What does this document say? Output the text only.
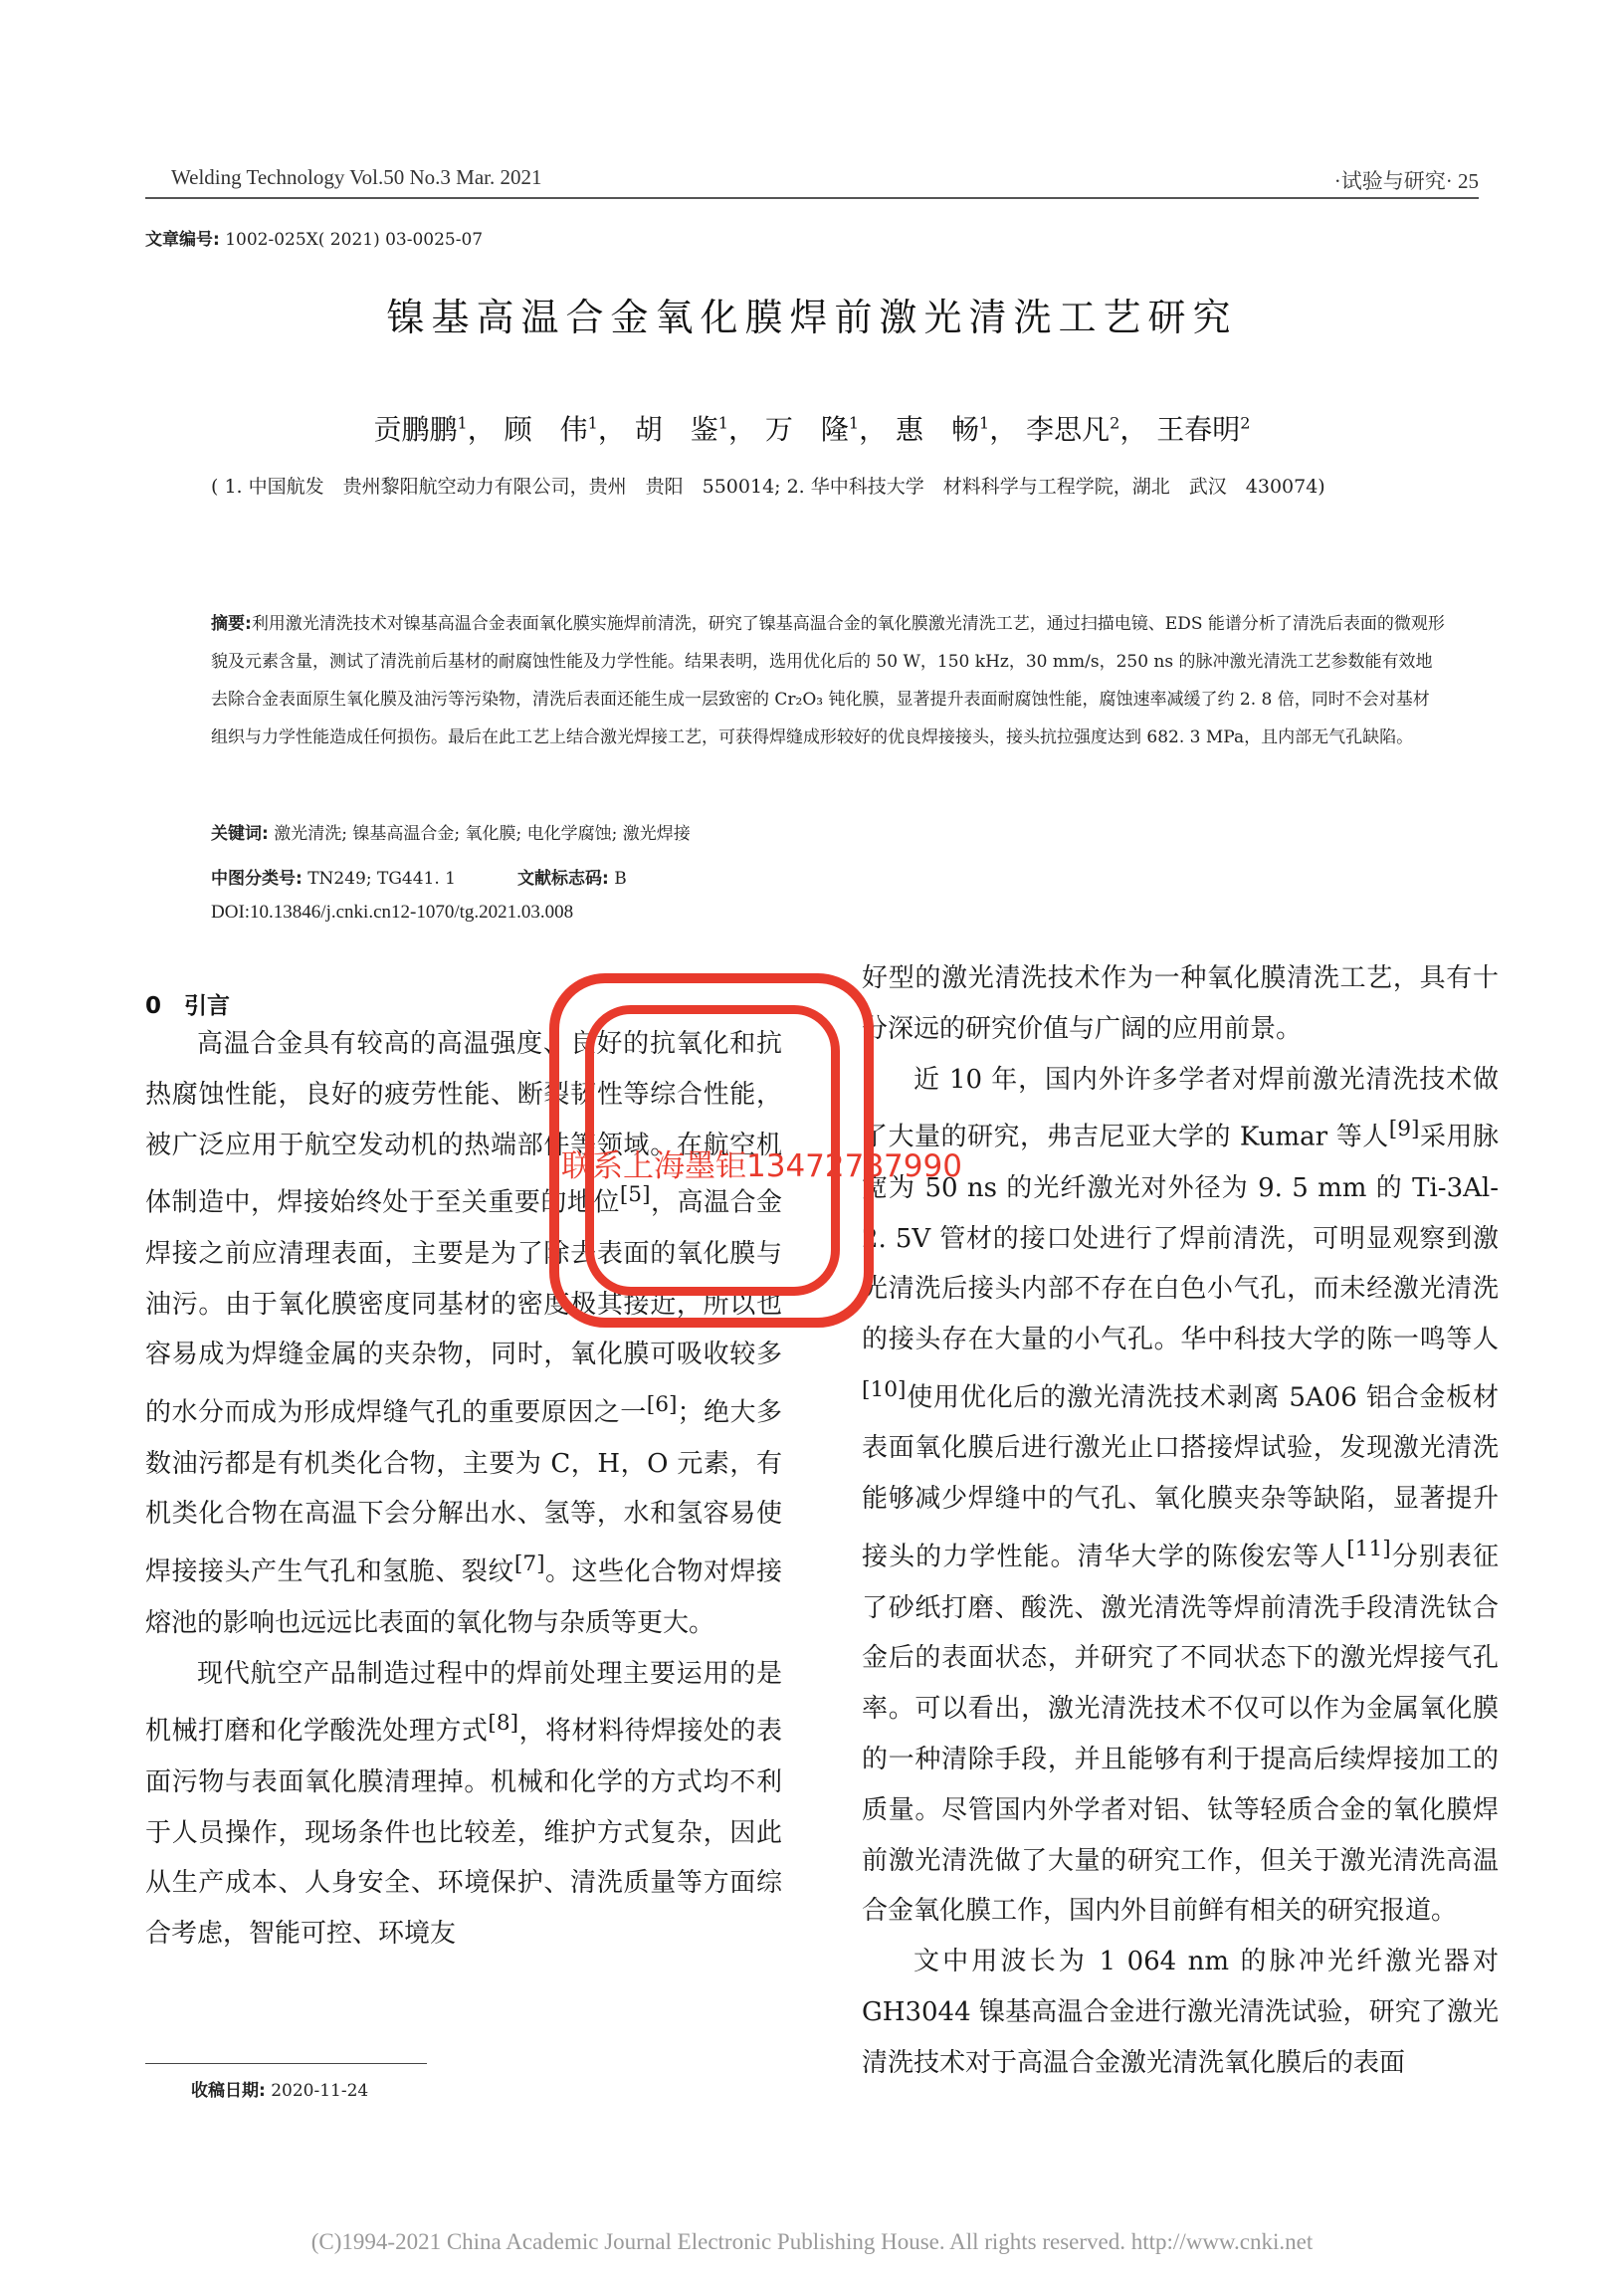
Welding Technology Vol.50 No.3 Mar. 2021	·试验与研究· 25
文章编号: 1002-025X( 2021) 03-0025-07
镍基高温合金氧化膜焊前激光清洗工艺研究
贡鹏鹏$^1$， 顾　伟$^1$， 胡　鉴$^1$， 万　隆$^1$， 惠　畅$^1$， 李思凡$^2$， 王春明$^2$
( 1. 中国航发　贵州黎阳航空动力有限公司，贵州　贵阳　550014; 2. 华中科技大学　材料科学与工程学院，湖北　武汉　430074)
摘要:利用激光清洗技术对镍基高温合金表面氧化膜实施焊前清洗，研究了镍基高温合金的氧化膜激光清洗工艺，通过扫描电镜、EDS 能谱分析了清洗后表面的微观形貌及元素含量，测试了清洗前后基材的耐腐蚀性能及力学性能。结果表明，选用优化后的 50 W，150 kHz，30 mm/s，250 ns 的脉冲激光清洗工艺参数能有效地去除合金表面原生氧化膜及油污等污染物，清洗后表面还能生成一层致密的 Cr₂O₃ 钝化膜，显著提升表面耐腐蚀性能，腐蚀速率减缓了约 2. 8 倍，同时不会对基材组织与力学性能造成任何损伤。最后在此工艺上结合激光焊接工艺，可获得焊缝成形较好的优良焊接接头，接头抗拉强度达到 682. 3 MPa，且内部无气孔缺陷。
关键词: 激光清洗; 镍基高温合金; 氧化膜; 电化学腐蚀; 激光焊接
中图分类号: TN249; TG441. 1	文献标志码: B
DOI:10.13846/j.cnki.cn12-1070/tg.2021.03.008
0　引言

高温合金具有较高的高温强度、良好的抗氧化和抗热腐蚀性能，良好的疲劳性能、断裂韧性等综合性能，被广泛应用于航空发动机的热端部件等领域。在航空机体制造中，焊接始终处于至关重要的地位[5]，高温合金焊接之前应清理表面，主要是为了除去表面的氧化膜与油污。由于氧化膜密度同基材的密度极其接近，所以也容易成为焊缝金属的夹杂物，同时，氧化膜可吸收较多的水分而成为形成焊缝气孔的重要原因之一[6]；绝大多数油污都是有机类化合物，主要为 C，H，O 元素，有机类化合物在高温下会分解出水、氢等，水和氢容易使焊接接头产生气孔和氢脆、裂纹[7]。这些化合物对焊接熔池的影响也远远比表面的氧化物与杂质等更大。

现代航空产品制造过程中的焊前处理主要运用的是机械打磨和化学酸洗处理方式[8]，将材料待焊接处的表面污物与表面氧化膜清理掉。机械和化学的方式均不利于人员操作，现场条件也比较差，维护方式复杂，因此从生产成本、人身安全、环境保护、清洗质量等方面综合考虑，智能可控、环境友

好型的激光清洗技术作为一种氧化膜清洗工艺，具有十分深远的研究价值与广阔的应用前景。

近 10 年，国内外许多学者对焊前激光清洗技术做了大量的研究，弗吉尼亚大学的 Kumar 等人[9]采用脉宽为 50 ns 的光纤激光对外径为 9. 5 mm 的 Ti-3Al-2. 5V 管材的接口处进行了焊前清洗，可明显观察到激光清洗后接头内部不存在白色小气孔，而未经激光清洗的接头存在大量的小气孔。华中科技大学的陈一鸣等人[10]使用优化后的激光清洗技术剥离 5A06 铝合金板材表面氧化膜后进行激光止口搭接焊试验，发现激光清洗能够减少焊缝中的气孔、氧化膜夹杂等缺陷，显著提升接头的力学性能。清华大学的陈俊宏等人[11]分别表征了砂纸打磨、酸洗、激光清洗等焊前清洗手段清洗钛合金后的表面状态，并研究了不同状态下的激光焊接气孔率。可以看出，激光清洗技术不仅可以作为金属氧化膜的一种清除手段，并且能够有利于提高后续焊接加工的质量。尽管国内外学者对铝、钛等轻质合金的氧化膜焊前激光清洗做了大量的研究工作，但关于激光清洗高温合金氧化膜工作，国内外目前鲜有相关的研究报道。

文中用波长为 1 064 nm 的脉冲光纤激光器对 GH3044 镍基高温合金进行激光清洗试验，研究了激光清洗技术对于高温合金激光清洗氧化膜后的表面

收稿日期: 2020-11-24
联系上海墨钜13472787990
(C)1994-2021 China Academic Journal Electronic Publishing House. All rights reserved. http://www.cnki.net
